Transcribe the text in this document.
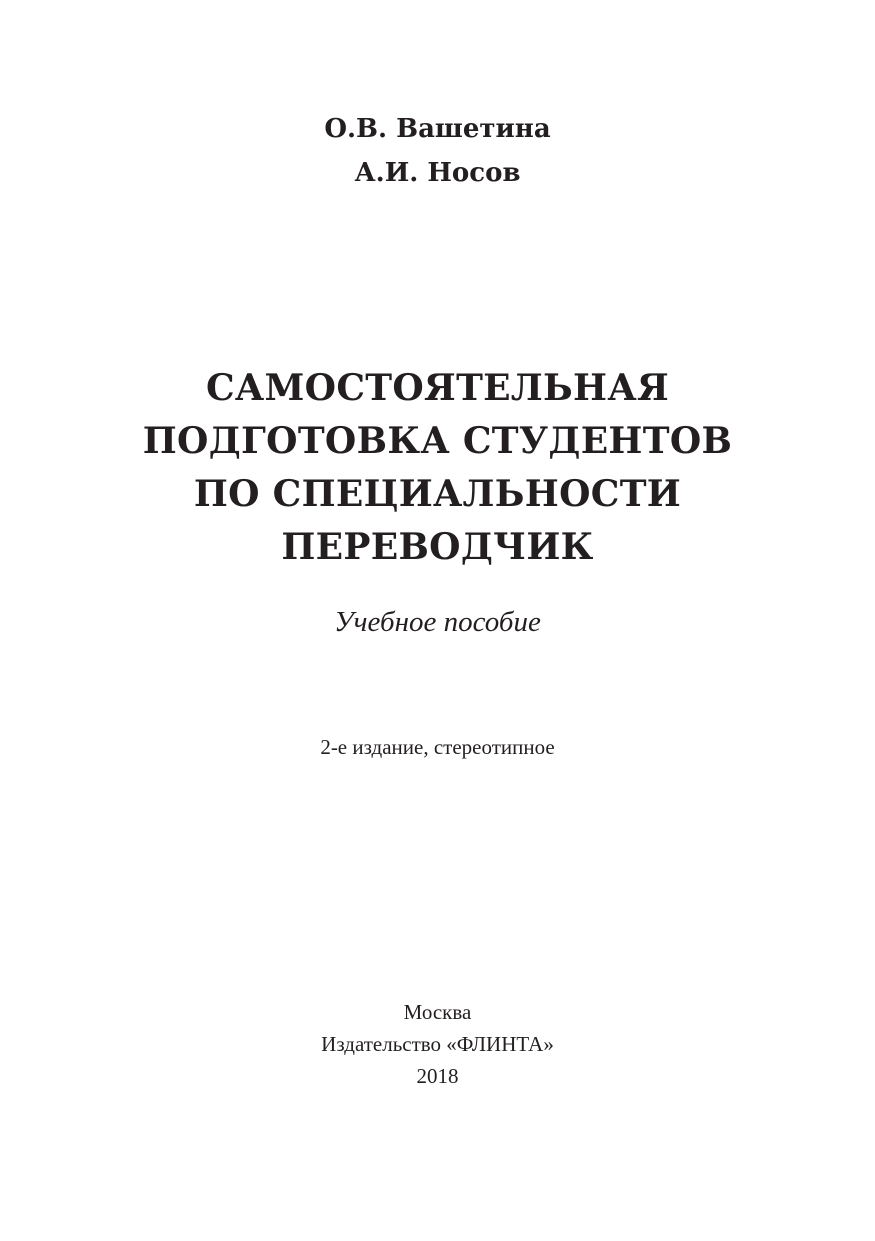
О.В. Вашетина
А.И. Носов
САМОСТОЯТЕЛЬНАЯ
ПОДГОТОВКА СТУДЕНТОВ
ПО СПЕЦИАЛЬНОСТИ
ПЕРЕВОДЧИК
Учебное пособие
2-е издание, стереотипное
Москва
Издательство «ФЛИНТА»
2018
